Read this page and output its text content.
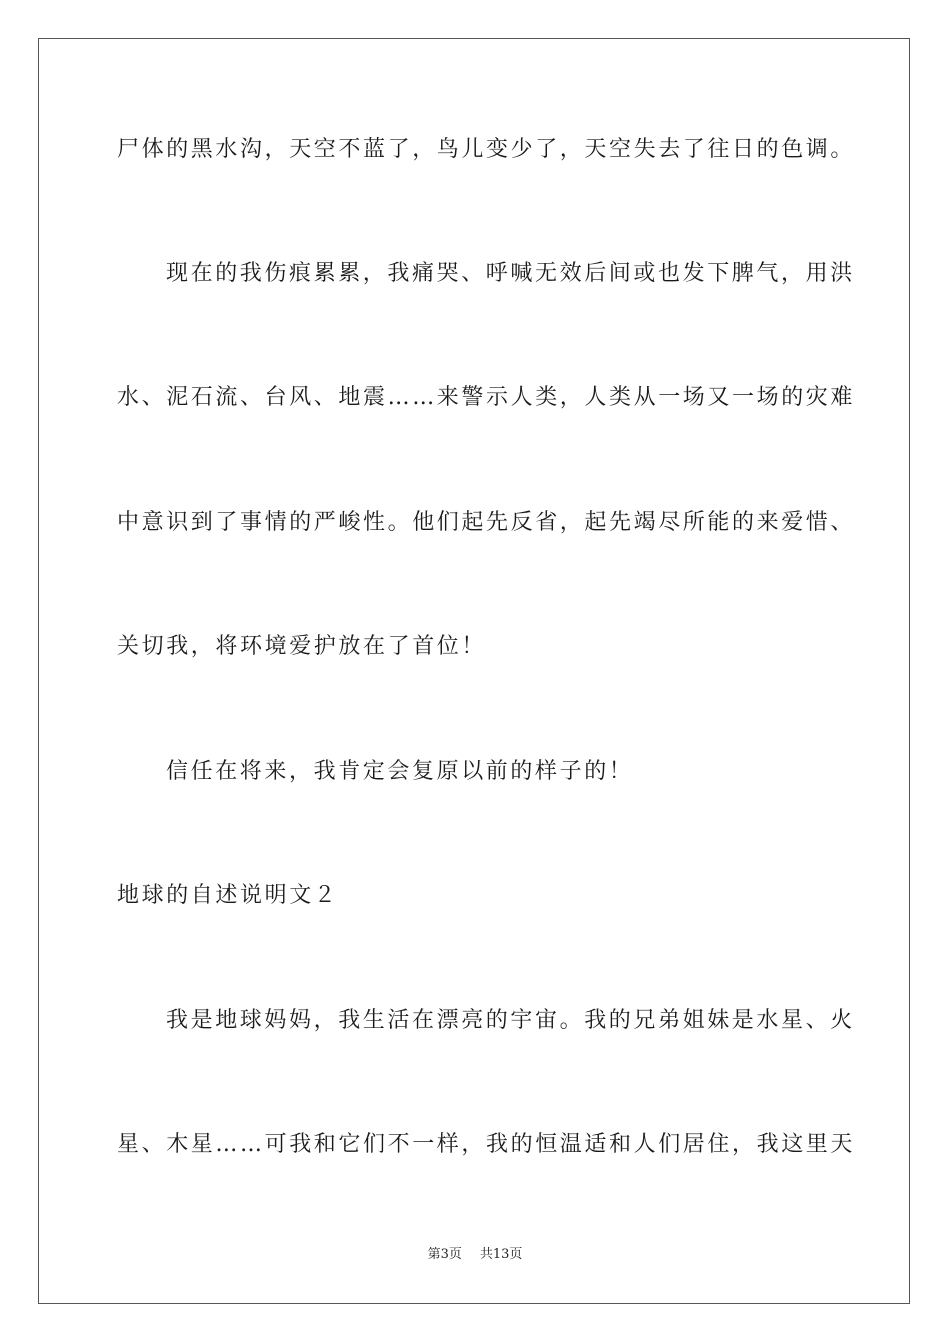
尸体的黑水沟，天空不蓝了，鸟儿变少了，天空失去了往日的色调。
现在的我伤痕累累，我痛哭、呼喊无效后间或也发下脾气，用洪
水、泥石流、台风、地震……来警示人类，人类从一场又一场的灾难
中意识到了事情的严峻性。他们起先反省，起先竭尽所能的来爱惜、
关切我，将环境爱护放在了首位！
信任在将来，我肯定会复原以前的样子的！
地球的自述说明文２
我是地球妈妈，我生活在漂亮的宇宙。我的兄弟姐妹是水星、火
星、木星……可我和它们不一样，我的恒温适和人们居住，我这里天
第3页 共13页
